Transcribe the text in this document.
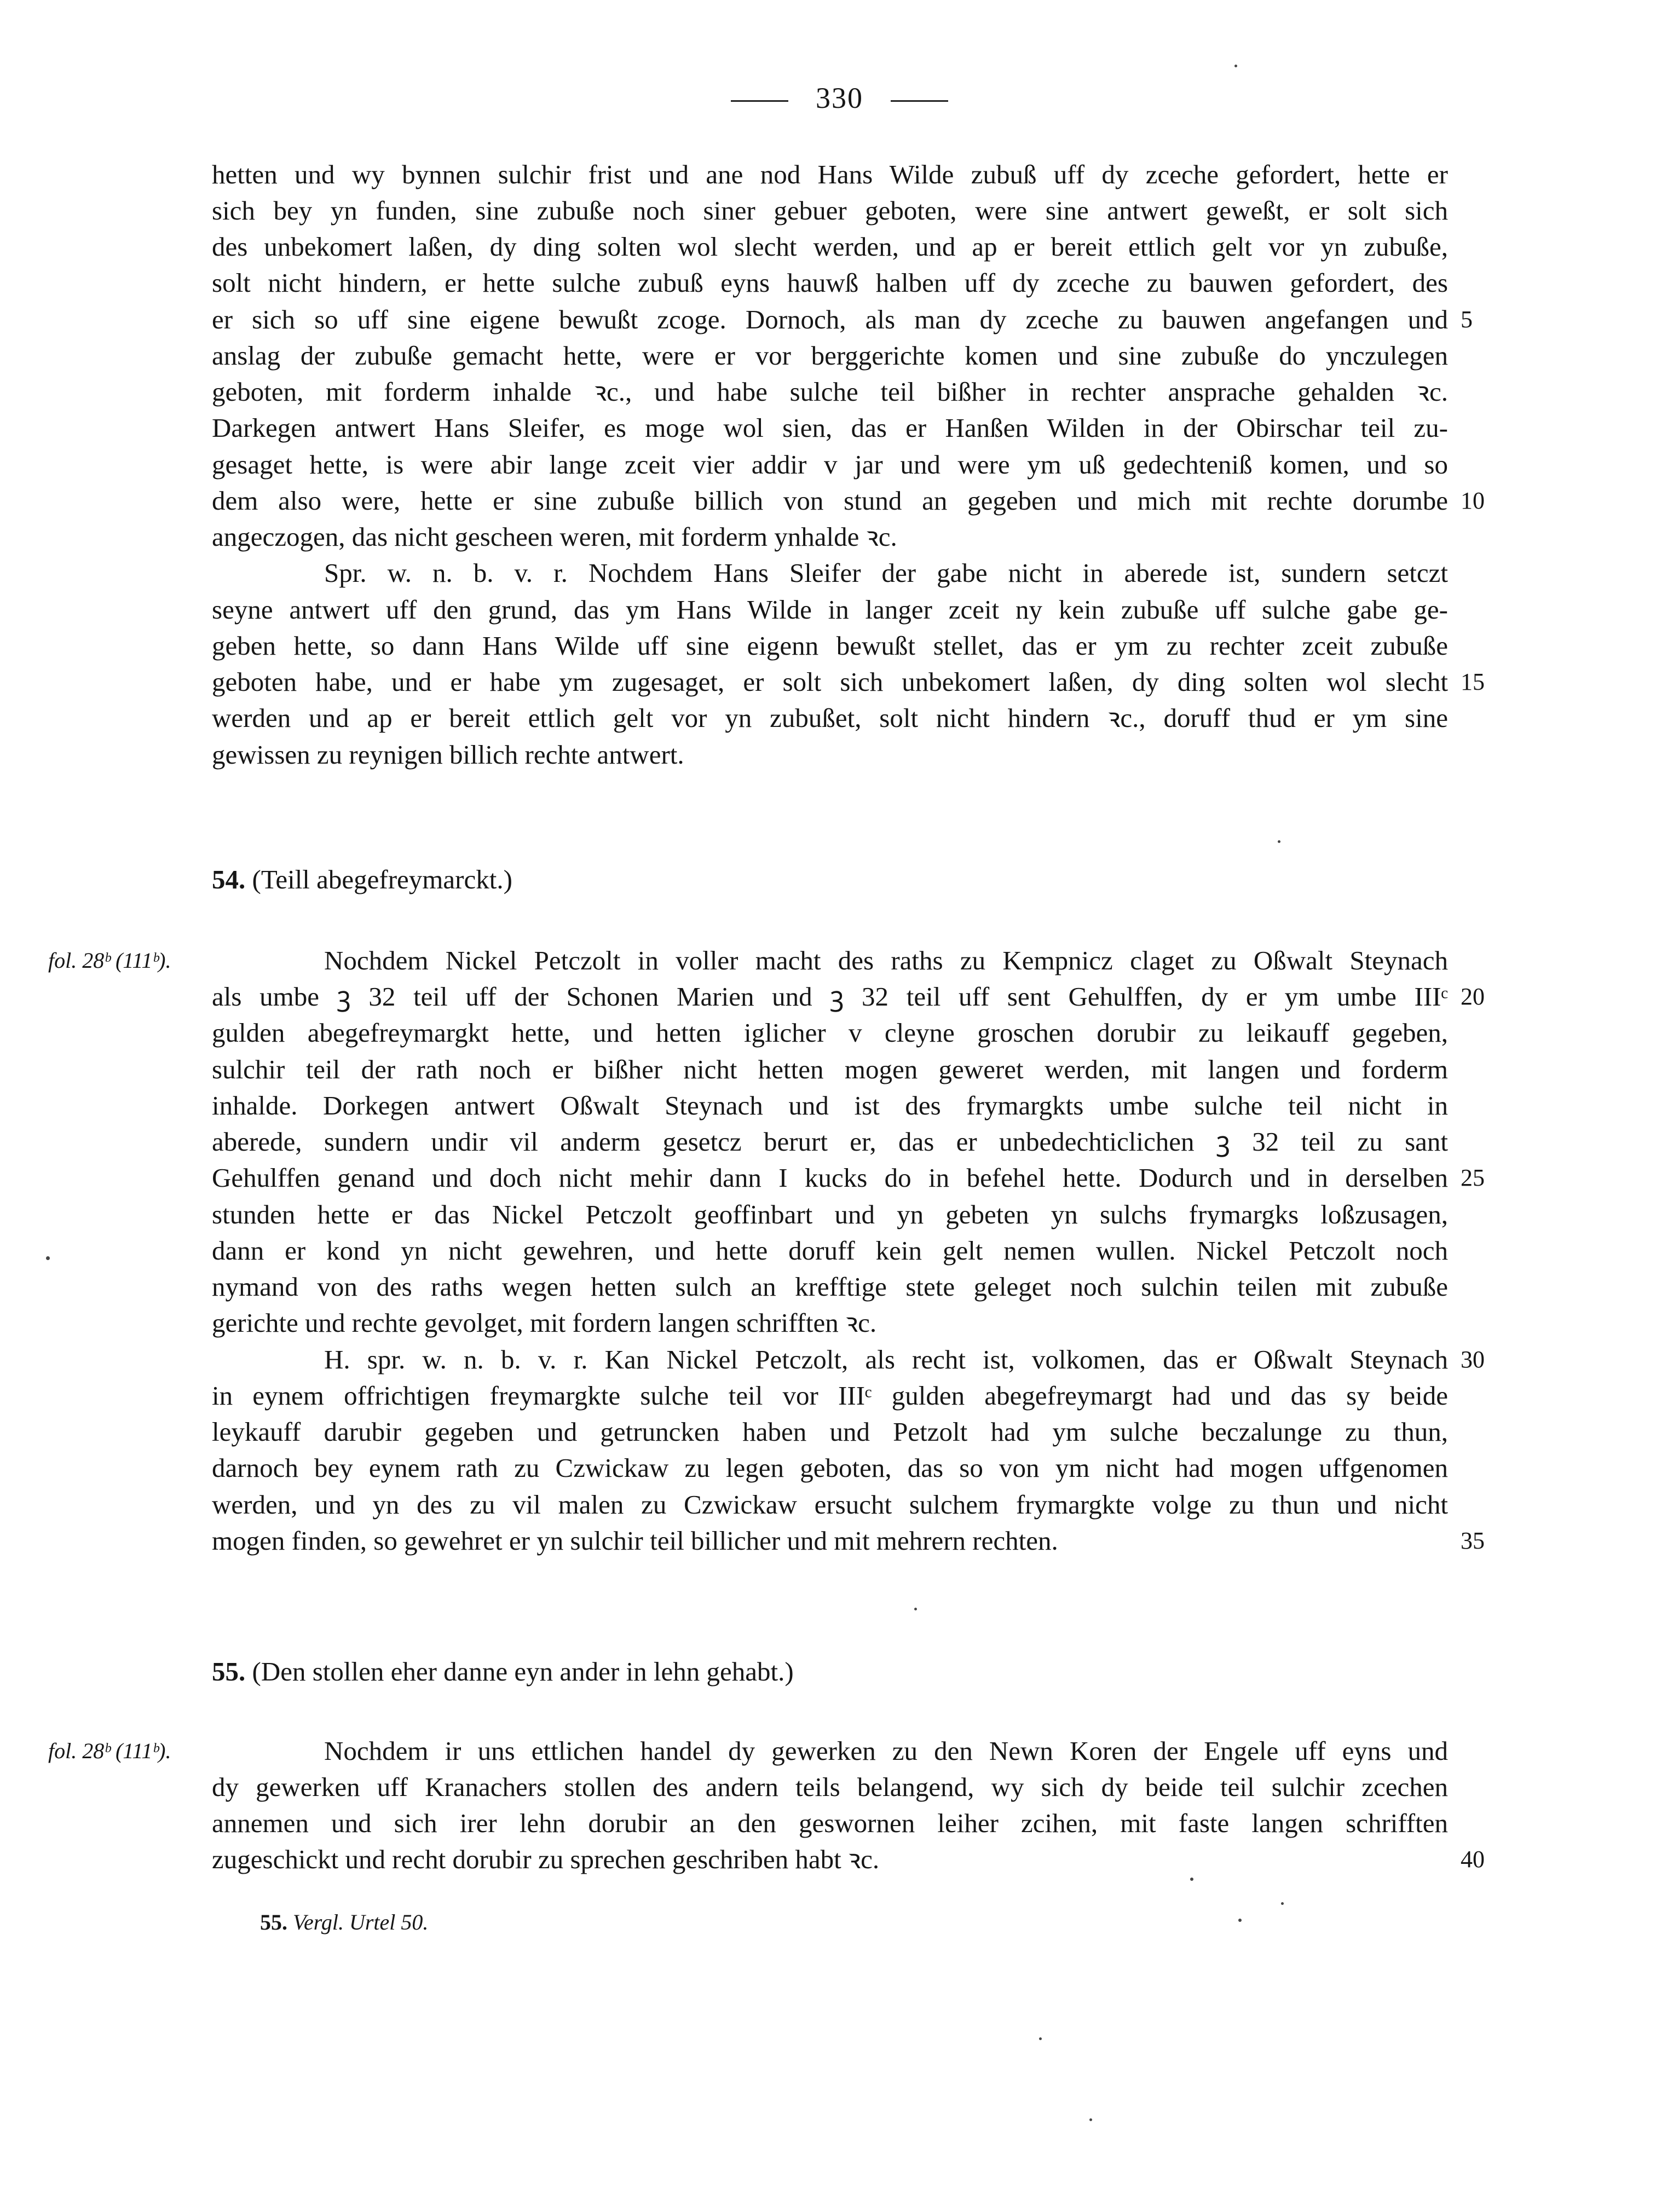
330
hetten und wy bynnen sulchir frist und ane nod Hans Wilde zubuß uff dy zceche gefordert, hette er
sich bey yn funden, sine zubuße noch siner gebuer geboten, were sine antwert geweßt, er solt sich
des unbekomert laßen, dy ding solten wol slecht werden, und ap er bereit ettlich gelt vor yn zubuße,
solt nicht hindern, er hette sulche zubuß eyns hauwß halben uff dy zceche zu bauwen gefordert, des
er sich so uff sine eigene bewußt zcoge. Dornoch, als man dy zceche zu bauwen angefangen und
anslag der zubuße gemacht hette, were er vor berggerichte komen und sine zubuße do ynczulegen
geboten, mit forderm inhalde ꝛc., und habe sulche teil bißher in rechter ansprache gehalden ꝛc.
Darkegen antwert Hans Sleifer, es moge wol sien, das er Hanßen Wilden in der Obirschar teil zu-
gesaget hette, is were abir lange zceit vier addir v jar und were ym uß gedechteniß komen, und so
dem also were, hette er sine zubuße billich von stund an gegeben und mich mit rechte dorumbe
angeczogen, das nicht gescheen weren, mit forderm ynhalde ꝛc.
Spr. w. n. b. v. r. Nochdem Hans Sleifer der gabe nicht in aberede ist, sundern setczt
seyne antwert uff den grund, das ym Hans Wilde in langer zceit ny kein zubuße uff sulche gabe ge-
geben hette, so dann Hans Wilde uff sine eigenn bewußt stellet, das er ym zu rechter zceit zubuße
geboten habe, und er habe ym zugesaget, er solt sich unbekomert laßen, dy ding solten wol slecht
werden und ap er bereit ettlich gelt vor yn zubußet, solt nicht hindern ꝛc., doruff thud er ym sine
gewissen zu reynigen billich rechte antwert.
54. (Teill abegefreymarckt.)
fol. 28ᵇ (111ᵇ).	Nochdem Nickel Petczolt in voller macht des raths zu Kempnicz claget zu Oßwalt Steynach
als umbe ꝫ 32 teil uff der Schonen Marien und ꝫ 32 teil uff sent Gehulffen, dy er ym umbe IIIᶜ
gulden abegefreymargkt hette, und hetten iglicher v cleyne groschen dorubir zu leikauff gegeben,
sulchir teil der rath noch er bißher nicht hetten mogen geweret werden, mit langen und forderm
inhalde. Dorkegen antwert Oßwalt Steynach und ist des frymargkts umbe sulche teil nicht in
aberede, sundern undir vil anderm gesetcz berurt er, das er unbedechticlichen ꝫ 32 teil zu sant
Gehulffen genand und doch nicht mehir dann I kucks do in befehel hette. Dodurch und in derselben
stunden hette er das Nickel Petczolt geoffinbart und yn gebeten yn sulchs frymargks loßzusagen,
dann er kond yn nicht gewehren, und hette doruff kein gelt nemen wullen. Nickel Petczolt noch
nymand von des raths wegen hetten sulch an krefftige stete geleget noch sulchin teilen mit zubuße
gerichte und rechte gevolget, mit fordern langen schrifften ꝛc.
H. spr. w. n. b. v. r. Kan Nickel Petczolt, als recht ist, volkomen, das er Oßwalt Steynach
in eynem offrichtigen freymargkte sulche teil vor IIIᶜ gulden abegefreymargt had und das sy beide
leykauff darubir gegeben und getruncken haben und Petzolt had ym sulche beczalunge zu thun,
darnoch bey eynem rath zu Czwickaw zu legen geboten, das so von ym nicht had mogen uffgenomen
werden, und yn des zu vil malen zu Czwickaw ersucht sulchem frymargkte volge zu thun und nicht
mogen finden, so gewehret er yn sulchir teil billicher und mit mehrern rechten.
55. (Den stollen eher danne eyn ander in lehn gehabt.)
fol. 28ᵇ (111ᵇ).	Nochdem ir uns ettlichen handel dy gewerken zu den Newn Koren der Engele uff eyns und
dy gewerken uff Kranachers stollen des andern teils belangend, wy sich dy beide teil sulchir zcechen
annemen und sich irer lehn dorubir an den geswornen leiher zcihen, mit faste langen schrifften
zugeschickt und recht dorubir zu sprechen geschriben habt ꝛc.
5
10
15
20
25
30
35
40
55. Vergl. Urtel 50.
